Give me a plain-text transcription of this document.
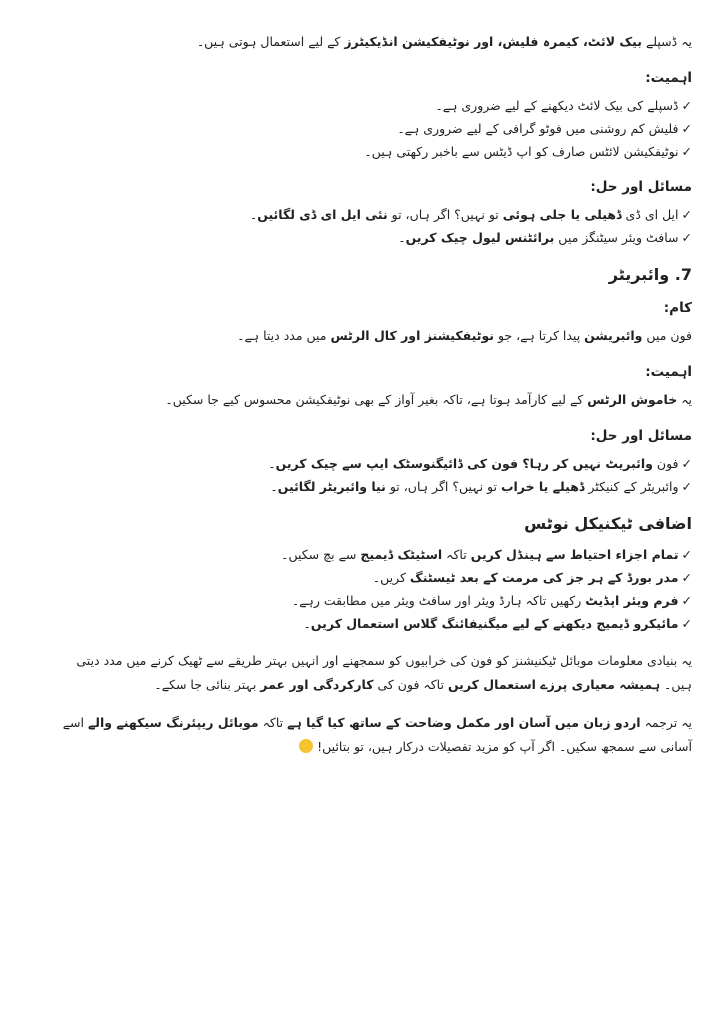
یہ ڈسپلے بیک لائٹ، کیمرہ فلیش، اور نوٹیفکیشن انڈیکیٹرز کے لیے استعمال ہوتی ہیں۔

اہمیت:
✓ڈسپلے کی بیک لائٹ دیکھنے کے لیے ضروری ہے۔
✓فلیش کم روشنی میں فوٹو گرافی کے لیے ضروری ہے۔
✓نوٹیفکیشن لائٹس صارف کو اپ ڈیٹس سے باخبر رکھتی ہیں۔
مسائل اور حل:
✓ایل ای ڈی ڈھیلی یا جلی ہوئی تو نہیں؟ اگر ہاں، تو نئی ایل ای ڈی لگائیں۔
✓سافٹ ویئر سیٹنگز میں برائٹنس لیول چیک کریں۔
7. وائبریٹر
کام:

فون میں وائبریشن پیدا کرتا ہے، جو نوٹیفکیشنز اور کال الرٹس میں مدد دیتا ہے۔

اہمیت:

یہ خاموش الرٹس کے لیے کارآمد ہوتا ہے، تاکہ بغیر آواز کے بھی نوٹیفکیشن محسوس کیے جا سکیں۔

مسائل اور حل:
✓فون وائبریٹ نہیں کر رہا؟ فون کی ڈائیگنوسٹک ایپ سے چیک کریں۔
✓وائبریٹر کے کنیکٹر ڈھیلے یا خراب تو نہیں؟ اگر ہاں، تو نیا وائبریٹر لگائیں۔
اضافی ٹیکنیکل نوٹس
✓تمام اجزاء احتیاط سے ہینڈل کریں تاکہ اسٹیٹک ڈیمیج سے بچ سکیں۔
✓مدر بورڈ کے ہر جز کی مرمت کے بعد ٹیسٹنگ کریں۔
✓فرم ویئر اپڈیٹ رکھیں تاکہ ہارڈ ویئر اور سافٹ ویئر میں مطابقت رہے۔
✓مائیکرو ڈیمیج دیکھنے کے لیے میگنیفائنگ گلاس استعمال کریں۔

یہ بنیادی معلومات موبائل ٹیکنیشنز کو فون کی خرابیوں کو سمجھنے اور انہیں بہتر طریقے سے ٹھیک کرنے میں مدد دیتی ہیں۔ ہمیشہ معیاری پرزے استعمال کریں تاکہ فون کی کارکردگی اور عمر بہتر بنائی جا سکے۔

یہ ترجمہ اردو زبان میں آسان اور مکمل وضاحت کے ساتھ کیا گیا ہے تاکہ موبائل ریپئرنگ سیکھنے والے اسے آسانی سے سمجھ سکیں۔ اگر آپ کو مزید تفصیلات درکار ہیں، تو بتائیں!
